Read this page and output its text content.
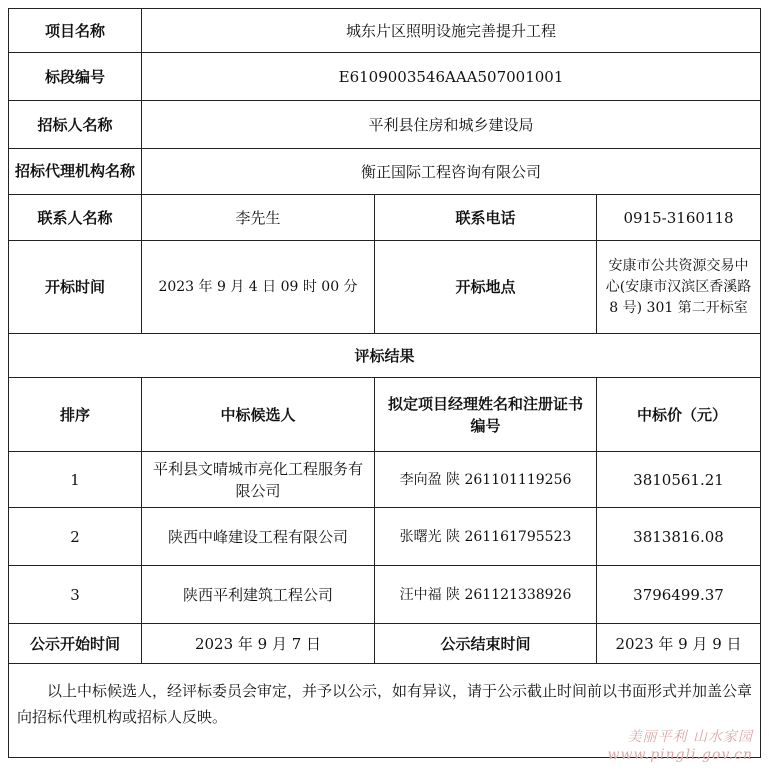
项目名称	城东片区照明设施完善提升工程		
标段编号	E6109003546AAA507001001		
招标人名称	平利县住房和城乡建设局		
招标代理机构名称	衡正国际工程咨询有限公司		
联系人名称	李先生	联系电话	0915-3160118
开标时间	2023 年 9 月 4 日 09 时 00 分	开标地点	安康市公共资源交易中心(安康市汉滨区香溪路 8 号) 301 第二开标室
评标结果			
排序	中标候选人	拟定项目经理姓名和注册证书编号	中标价（元）
1	平利县文晴城市亮化工程服务有限公司	李向盈 陕 261101119256	3810561.21
2	陕西中峰建设工程有限公司	张曙光 陕 261161795523	3813816.08
3	陕西平利建筑工程公司	汪中福 陕 261121338926	3796499.37
公示开始时间	2023 年 9 月 7 日	公示结束时间	2023 年 9 月 9 日
以上中标候选人，经评标委员会审定，并予以公示，如有异议，请于公示截止时间前以书面形式并加盖公章向招标代理机构或招标人反映。			
美丽平利 山水家园
www.pingli.gov.cn
